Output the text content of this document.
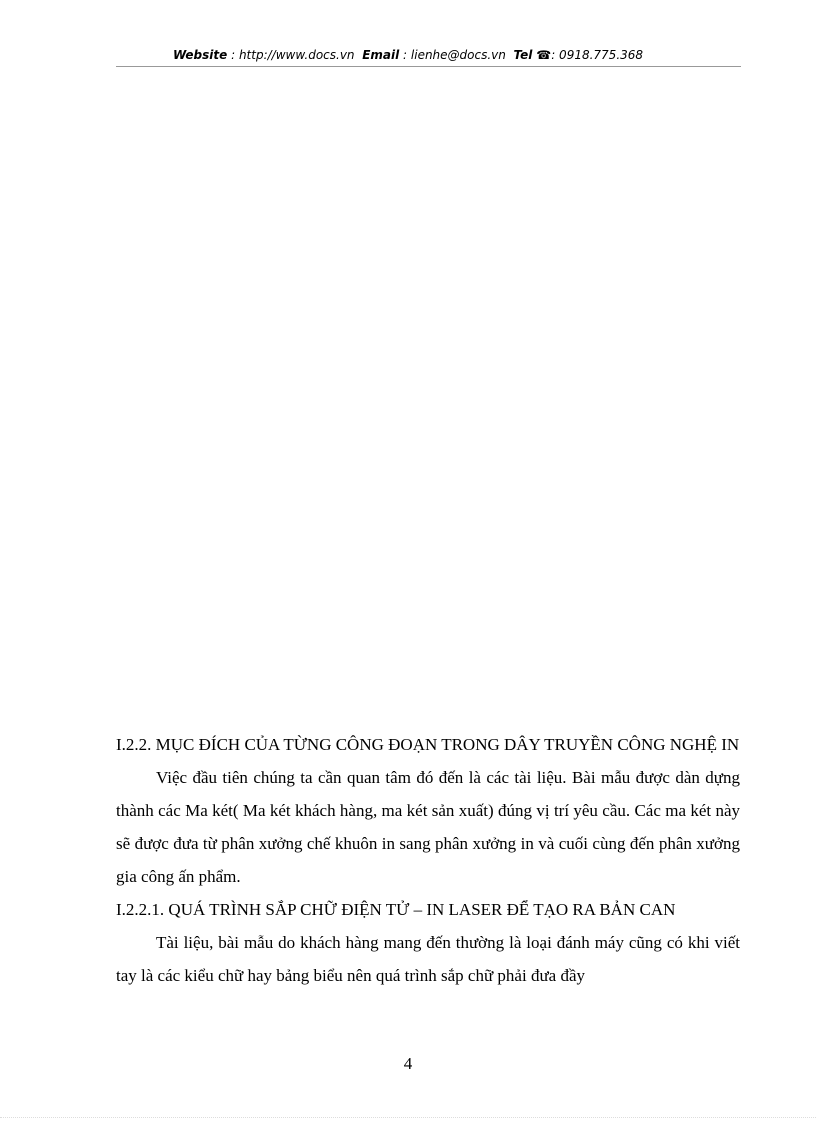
Website : http://www.docs.vn Email : lienhe@docs.vn Tel ☎: 0918.775.368

I.2.2. MỤC ĐÍCH CỦA TỪNG CÔNG ĐOẠN TRONG DÂY TRUYỀN CÔNG NGHỆ IN

Việc đầu tiên chúng ta cần quan tâm đó đến là các tài liệu. Bài mẫu được dàn dựng thành các Ma két( Ma két khách hàng, ma két sản xuất) đúng vị trí yêu cầu. Các ma két này sẽ được đưa từ phân xưởng chế khuôn in sang phân xưởng in và cuối cùng đến phân xưởng gia công ấn phẩm.

I.2.2.1. QUÁ TRÌNH SẮP CHỮ ĐIỆN TỬ – IN LASER ĐỂ TẠO RA BẢN CAN

Tài liệu, bài mẫu do khách hàng mang đến thường là loại đánh máy cũng có khi viết tay là các kiểu chữ hay bảng biểu nên quá trình sắp chữ phải đưa đầy

4
